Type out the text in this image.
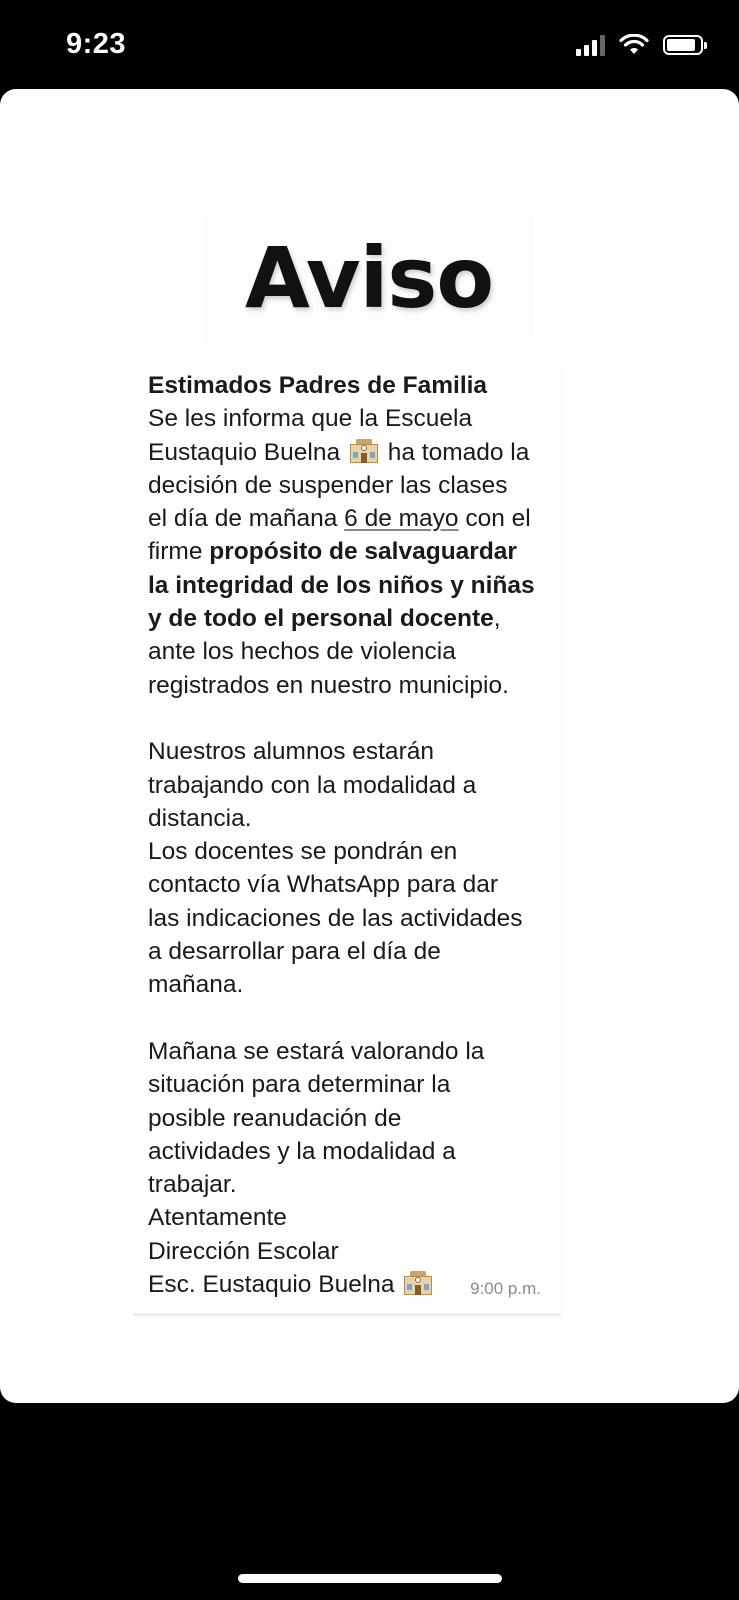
9:23
Aviso
Estimados Padres de Familia
Se les informa que la Escuela
Eustaquio Buelna ha tomado la
decisión de suspender las clases
el día de mañana 6 de mayo con el
firme propósito de salvaguardar
la integridad de los niños y niñas
y de todo el personal docente,
ante los hechos de violencia
registrados en nuestro municipio.
Nuestros alumnos estarán
trabajando con la modalidad a
distancia.
Los docentes se pondrán en
contacto vía WhatsApp para dar
las indicaciones de las actividades
a desarrollar para el día de
mañana.
Mañana se estará valorando la
situación para determinar la
posible reanudación de
actividades y la modalidad a
trabajar.
Atentamente
Dirección Escolar
Esc. Eustaquio Buelna	9:00 p.m.
